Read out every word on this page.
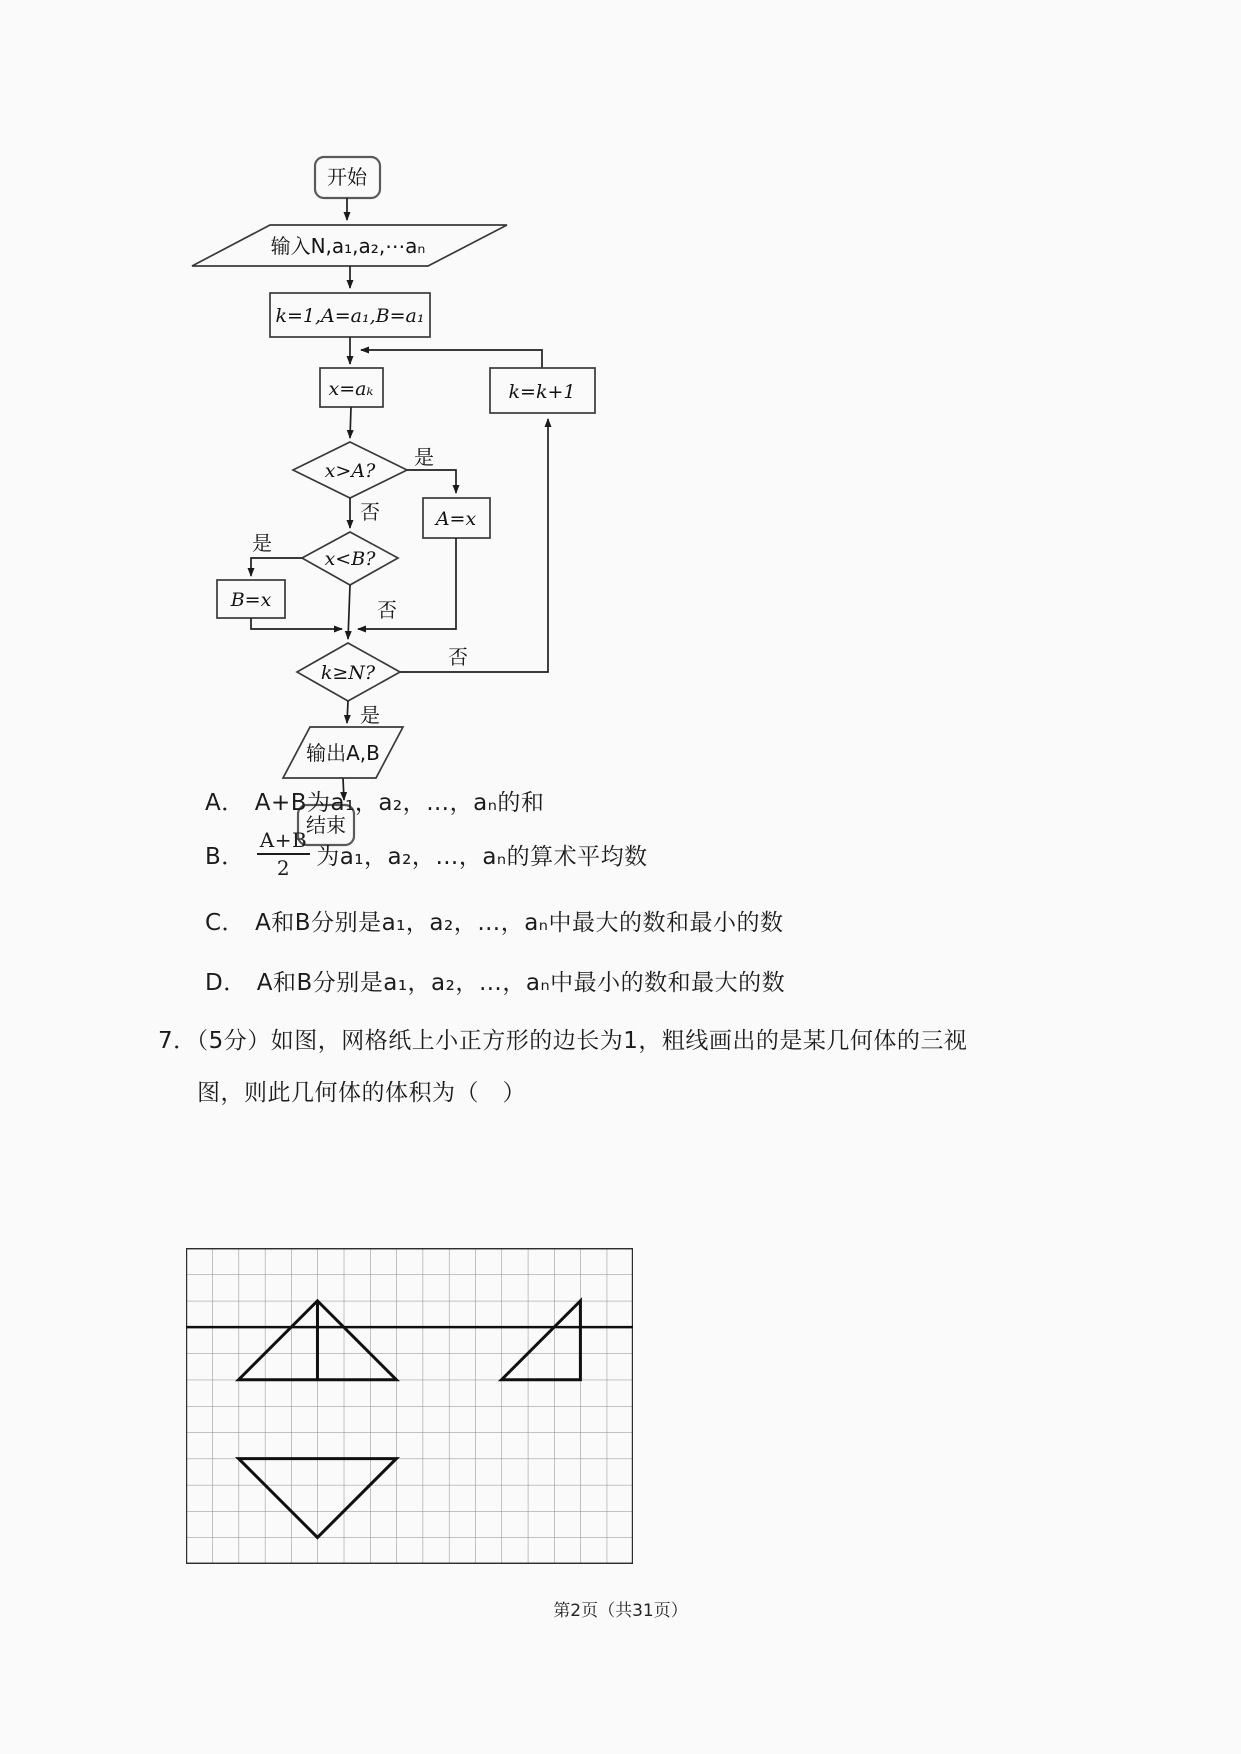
开始
输入N,a₁,a₂,⋯aₙ
k=1,A=a₁,B=a₁
x=aₖ	k=k+1
x>A?
是
否	A=x
x<B?
是
否
B=x
k≥N?
否
是
输出A,B
结束
A． A+B为a₁，a₂，…，aₙ的和
B． $\frac{A+B}{2}$ 为a₁，a₂，…，aₙ的算术平均数
C． A和B分别是a₁，a₂，…，aₙ中最大的数和最小的数
D． A和B分别是a₁，a₂，…，aₙ中最小的数和最大的数
7．（5分）如图，网格纸上小正方形的边长为1，粗线画出的是某几何体的三视
图，则此几何体的体积为（　）
第2页（共31页）
